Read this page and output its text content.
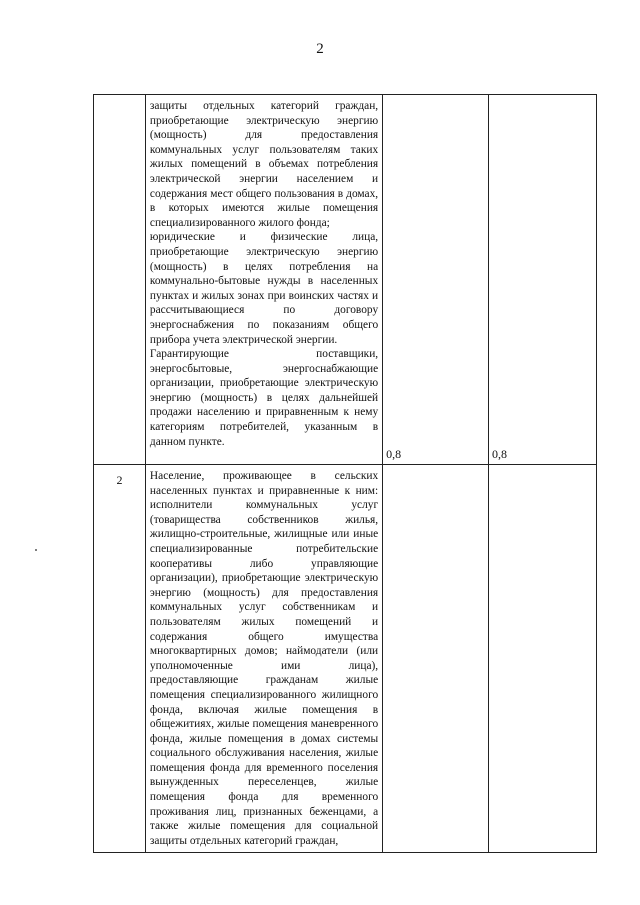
2

	защиты отдельных категорий граждан, приобретающие электрическую энергию (мощность) для предоставления коммунальных услуг пользователям таких жилых помещений в объемах потребления электрической энергии населением и содержания мест общего пользования в домах, в которых имеются жилые помещения специализированного жилого фонда;

юридические и физические лица, приобретающие электрическую энергию (мощность) в целях потребления на коммунально-бытовые нужды в населенных пунктах и жилых зонах при воинских частях и рассчитывающиеся по договору энергоснабжения по показаниям общего прибора учета электрической энергии.

Гарантирующие поставщики, энергосбытовые, энергоснабжающие организации, приобретающие электрическую энергию (мощность) в целях дальнейшей продажи населению и приравненным к нему категориям потребителей, указанным в данном пункте.	0,8	0,8

2	Население, проживающее в сельских населенных пунктах и приравненные к ним: исполнители коммунальных услуг (товарищества собственников жилья, жилищно-строительные, жилищные или иные специализированные потребительские кооперативы либо управляющие организации), приобретающие электрическую энергию (мощность) для предоставления коммунальных услуг собственникам и пользователям жилых помещений и содержания общего имущества многоквартирных домов; наймодатели (или уполномоченные ими лица), предоставляющие гражданам жилые помещения специализированного жилищного фонда, включая жилые помещения в общежитиях, жилые помещения маневренного фонда, жилые помещения в домах системы социального обслуживания населения, жилые помещения фонда для временного поселения вынужденных переселенцев, жилые помещения фонда для временного проживания лиц, признанных беженцами, а также жилые помещения для социальной защиты отдельных категорий граждан,		
